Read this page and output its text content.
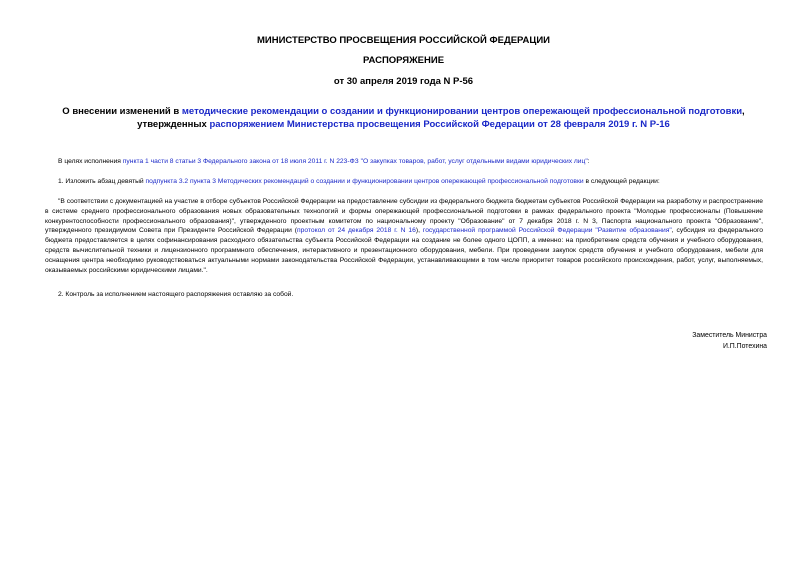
МИНИСТЕРСТВО ПРОСВЕЩЕНИЯ РОССИЙСКОЙ ФЕДЕРАЦИИ
РАСПОРЯЖЕНИЕ
от 30 апреля 2019 года N Р-56
О внесении изменений в методические рекомендации о создании и функционировании центров опережающей профессиональной подготовки, утвержденных распоряжением Министерства просвещения Российской Федерации от 28 февраля 2019 г. N Р-16

В целях исполнения пункта 1 части 8 статьи 3 Федерального закона от 18 июля 2011 г. N 223-ФЗ "О закупках товаров, работ, услуг отдельными видами юридических лиц":

1. Изложить абзац девятый подпункта 3.2 пункта 3 Методических рекомендаций о создании и функционировании центров опережающей профессиональной подготовки в следующей редакции:

"В соответствии с документацией на участие в отборе субъектов Российской Федерации на предоставление субсидии из федерального бюджета бюджетам субъектов Российской Федерации на разработку и распространение в системе среднего профессионального образования новых образовательных технологий и формы опережающей профессиональной подготовки в рамках федерального проекта "Молодые профессионалы (Повышение конкурентоспособности профессионального образования)", утвержденного проектным комитетом по национальному проекту "Образование" от 7 декабря 2018 г. N 3, Паспорта национального проекта "Образование", утвержденного президиумом Совета при Президенте Российской Федерации (протокол от 24 декабря 2018 г. N 16), государственной программой Российской Федерации "Развитие образования", субсидия из федерального бюджета предоставляется в целях софинансирования расходного обязательства субъекта Российской Федерации на создание не более одного ЦОПП, а именно: на приобретение средств обучения и учебного оборудования, средств вычислительной техники и лицензионного программного обеспечения, интерактивного и презентационного оборудования, мебели. При проведении закупок средств обучения и учебного оборудования, мебели для оснащения центра необходимо руководствоваться актуальными нормами законодательства Российской Федерации, устанавливающими в том числе приоритет товаров российского происхождения, работ, услуг, выполняемых, оказываемых российскими юридическими лицами.".

2. Контроль за исполнением настоящего распоряжения оставляю за собой.

Заместитель Министра
И.П.Потехина
